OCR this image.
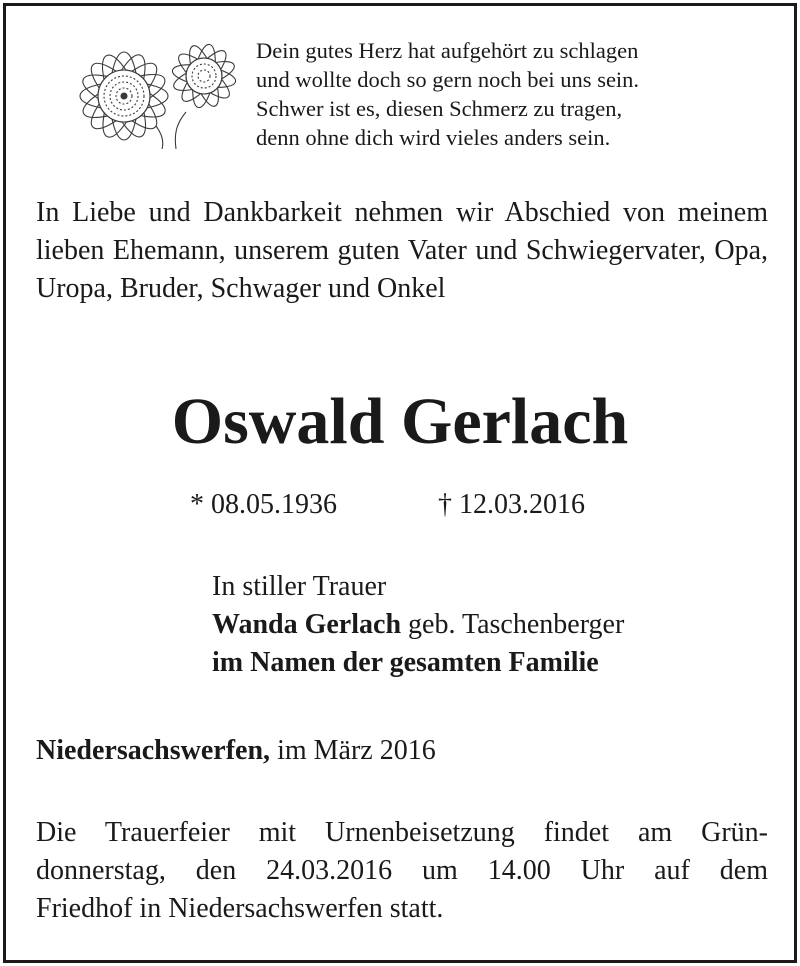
Dein gutes Herz hat aufgehört zu schlagen
und wollte doch so gern noch bei uns sein.
Schwer ist es, diesen Schmerz zu tragen,
denn ohne dich wird vieles anders sein.
In Liebe und Dankbarkeit nehmen wir Abschied von meinem lieben Ehemann, unserem guten Vater und Schwiegervater, Opa, Uropa, Bruder, Schwager und Onkel
Oswald Gerlach
* 08.05.1936	† 12.03.2016
In stiller Trauer
Wanda Gerlach geb. Taschenberger
im Namen der gesamten Familie
Niedersachswerfen, im März 2016
Die Trauerfeier mit Urnenbeisetzung findet am Grün-
donnerstag, den 24.03.2016 um 14.00 Uhr auf dem
Friedhof in Niedersachswerfen statt.
